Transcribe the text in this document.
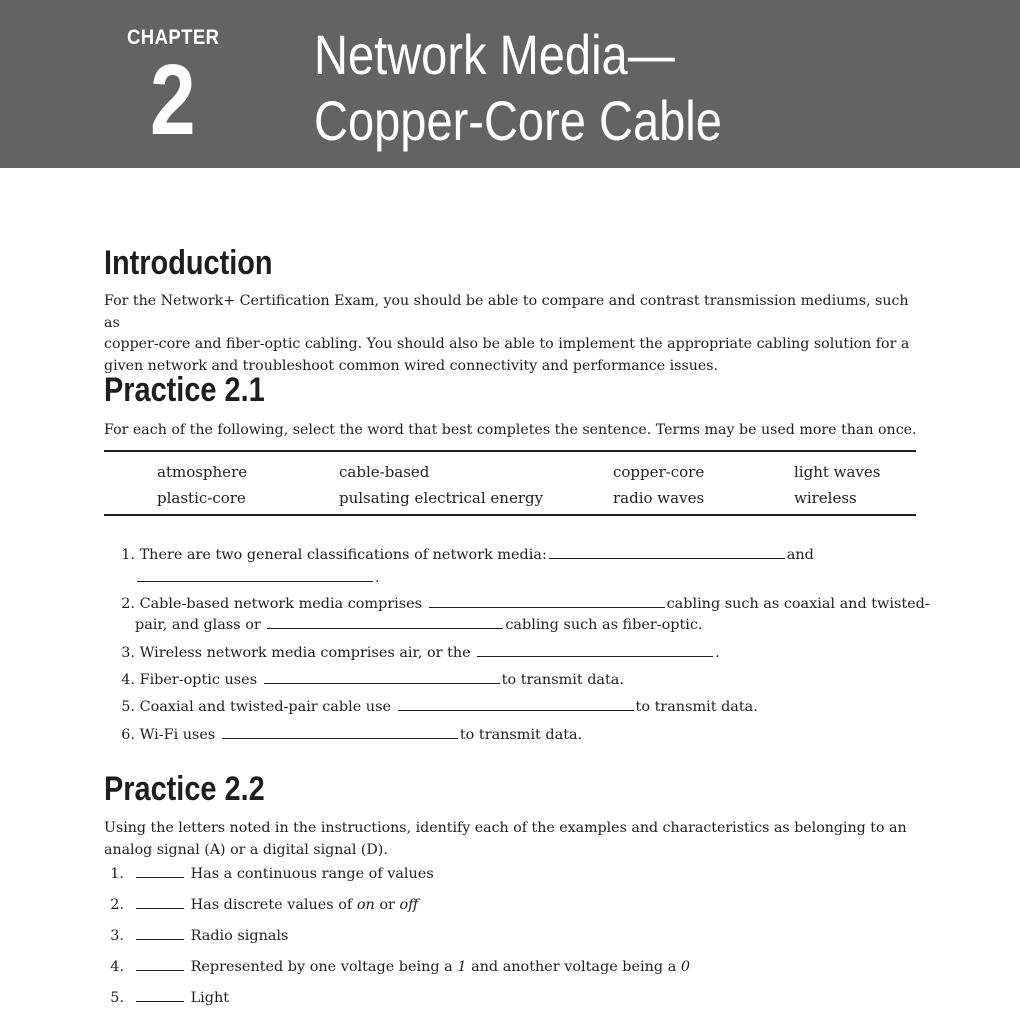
CHAPTER
2 Network Media—
Copper-Core Cable
Introduction
For the Network+ Certification Exam, you should be able to compare and contrast transmission mediums, such as
copper-core and fiber-optic cabling. You should also be able to implement the appropriate cabling solution for a
given network and troubleshoot common wired connectivity and performance issues.
Practice 2.1
For each of the following, select the word that best completes the sentence. Terms may be used more than once.
atmosphere	cable-based	copper-core	light waves
plastic-core	pulsating electrical energy	radio waves	wireless
1. There are two general classifications of network media:	and
.
2. Cable-based network media comprises	cabling such as coaxial and twisted-
pair, and glass or	cabling such as fiber-optic.
3. Wireless network media comprises air, or the	.
4. Fiber-optic uses	to transmit data.
5. Coaxial and twisted-pair cable use	to transmit data.
6. Wi-Fi uses	to transmit data.
Practice 2.2
Using the letters noted in the instructions, identify each of the examples and characteristics as belonging to an
analog signal (A) or a digital signal (D).
1.	Has a continuous range of values
2.	Has discrete values of on or off
3.	Radio signals
4.	Represented by one voltage being a 1 and another voltage being a 0
5.	Light
